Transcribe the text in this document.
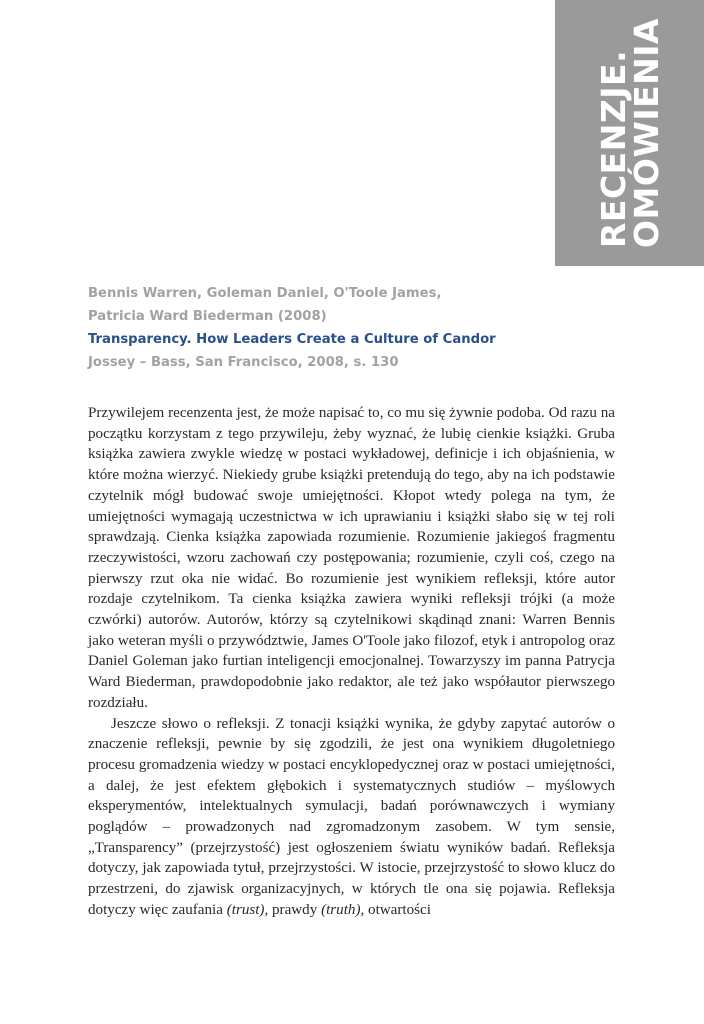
RECENZJE.
OMÓWIENIA
Bennis Warren, Goleman Daniel, O'Toole James,
Patricia Ward Biederman (2008)
Transparency. How Leaders Create a Culture of Candor
Jossey – Bass, San Francisco, 2008, s. 130

Przywilejem recenzenta jest, że może napisać to, co mu się żywnie podoba. Od razu na początku korzystam z tego przywileju, żeby wyznać, że lubię cienkie książki. Gruba książka zawiera zwykle wiedzę w postaci wykładowej, definicje i ich objaśnienia, w które można wierzyć. Niekiedy grube książki pretendują do tego, aby na ich podstawie czytelnik mógł budować swoje umiejętności. Kłopot wtedy polega na tym, że umiejętności wymagają uczestnictwa w ich uprawianiu i książki słabo się w tej roli sprawdzają. Cienka książka zapowiada rozumienie. Rozumienie jakiegoś fragmentu rzeczywistości, wzoru zachowań czy postępowania; rozumienie, czyli coś, czego na pierwszy rzut oka nie widać. Bo rozumienie jest wynikiem refleksji, które autor rozdaje czytelnikom. Ta cienka książka zawiera wyniki refleksji trójki (a może czwórki) autorów. Autorów, którzy są czytelnikowi skądinąd znani: Warren Bennis jako weteran myśli o przywództwie, James O'Toole jako filozof, etyk i antropolog oraz Daniel Goleman jako furtian inteligencji emocjonalnej. Towarzyszy im panna Patrycja Ward Biederman, prawdopodobnie jako redaktor, ale też jako współautor pierwszego rozdziału.

Jeszcze słowo o refleksji. Z tonacji książki wynika, że gdyby zapytać autorów o znaczenie refleksji, pewnie by się zgodzili, że jest ona wynikiem długoletniego procesu gromadzenia wiedzy w postaci encyklopedycznej oraz w postaci umiejętności, a dalej, że jest efektem głębokich i systematycznych studiów – myślowych eksperymentów, intelektualnych symulacji, badań porównawczych i wymiany poglądów – prowadzonych nad zgromadzonym zasobem. W tym sensie, „Transparency” (przejrzystość) jest ogłoszeniem światu wyników badań. Refleksja dotyczy, jak zapowiada tytuł, przejrzystości. W istocie, przejrzystość to słowo klucz do przestrzeni, do zjawisk organizacyjnych, w których tle ona się pojawia. Refleksja dotyczy więc zaufania (trust), prawdy (truth), otwartości
